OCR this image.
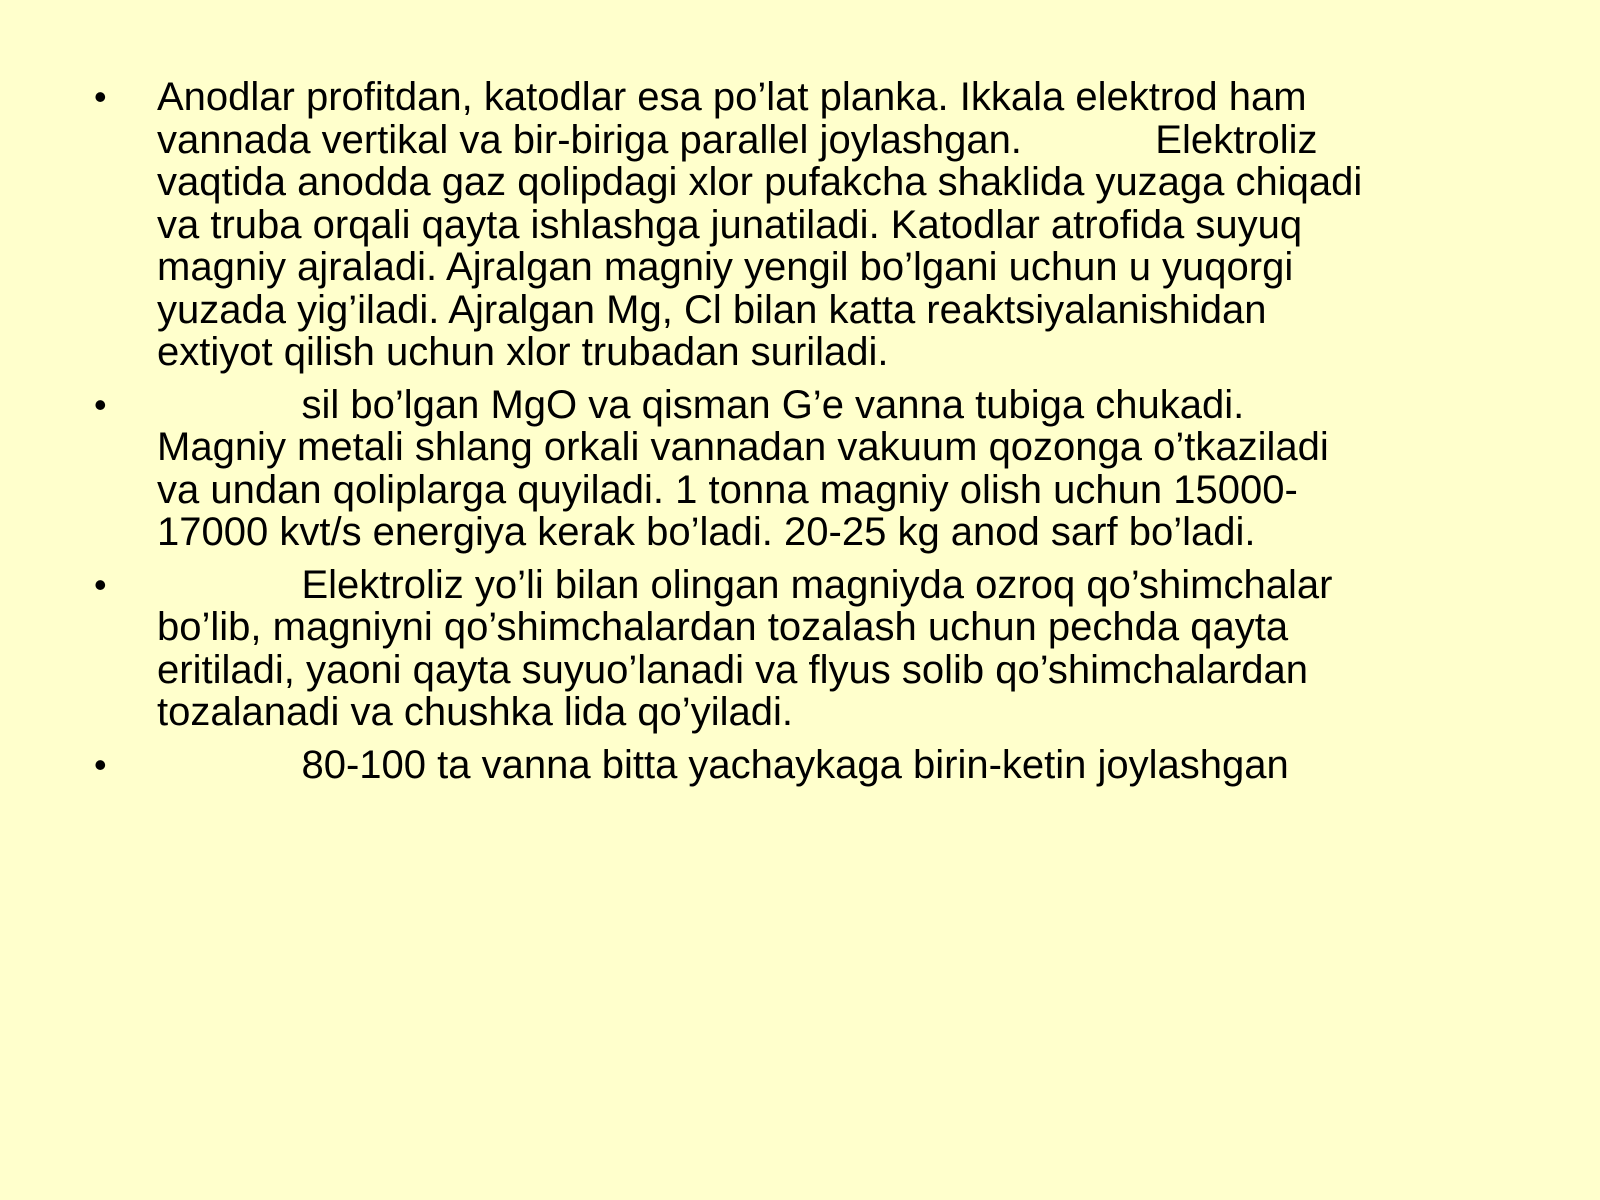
• Anodlar profitdan, katodlar esa po’lat planka. Ikkala elektrod ham
vannada vertikal va bir-biriga parallel joylashgan.            Elektroliz
vaqtida anodda gaz qolipdagi xlor pufakcha shaklida yuzaga chiqadi
va truba orqali qayta ishlashga junatiladi. Katodlar atrofida suyuq
magniy ajraladi. Ajralgan magniy yengil bo’lgani uchun u yuqorgi
yuzada yig’iladi. Ajralgan Mg, Cl bilan katta reaktsiyalanishidan
extiyot qilish uchun xlor trubadan suriladi.
• sil bo’lgan MgO va qisman G’e vanna tubiga chukadi.
Magniy metali shlang orkali vannadan vakuum qozonga o’tkaziladi
va undan qoliplarga quyiladi. 1 tonna magniy olish uchun 15000-
17000 kvt/s energiya kerak bo’ladi. 20-25 kg anod sarf bo’ladi.
• Elektroliz yo’li bilan olingan magniyda ozroq qo’shimchalar
bo’lib, magniyni qo’shimchalardan tozalash uchun pechda qayta
eritiladi, yaoni qayta suyuo’lanadi va flyus solib qo’shimchalardan
tozalanadi va chushka lida qo’yiladi.
• 80-100 ta vanna bitta yachaykaga birin-ketin joylashgan
